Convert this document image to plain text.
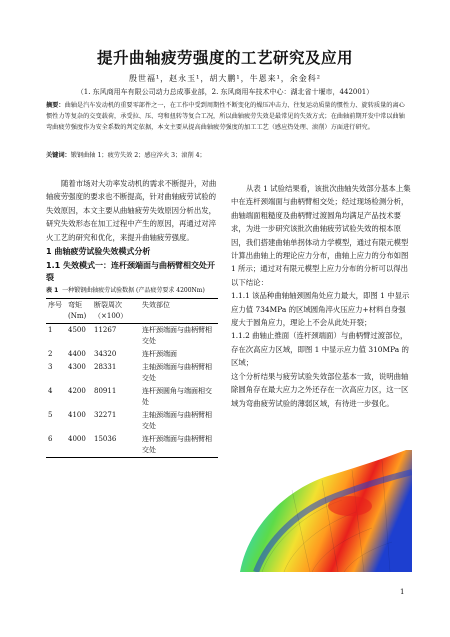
提升曲轴疲劳强度的工艺研究及应用
殷世福¹，赵永玉¹，胡大鹏¹，牛恩来¹，余金科²
（1. 东风商用车有限公司动力总成事业部，2. 东风商用车技术中心：湖北省十堰市，442001）
摘要：曲轴是汽车发动机的重要零部件之一，在工作中受到周期性不断变化的燥压冲击力、往复运动质量的惯性力、旋转质量的离心惯性力等复杂的交变载荷，承受拉、压、弯和扭转等复合工况，所以曲轴疲劳失效是最常见的失效方式；在曲轴前期开发中常以曲轴弯曲疲劳强度作为安全系数的判定依据，本文主要从提高曲轴疲劳强度的加工工艺（感应热处理、滚削）方面进行研究。
关键词：锻钢曲轴 1；疲劳失效 2；感应淬火 3；滚削 4；

随着市场对大功率发动机的需求不断提升，对曲轴疲劳强度的要求也不断提高，针对曲轴疲劳试验的失效原因，本文主要从曲轴疲劳失效原因分析出发，研究失效形态在加工过程中产生的原因，再通过对淬火工艺的研究和优化，来提升曲轴疲劳强度。

1 曲轴疲劳试验失效模式分析

1.1 失效模式一：连杆颈端面与曲柄臂相交处开裂

表 1 一种锻钢曲轴疲劳试验数据 (产品疲劳要求 4200Nm)

序号	弯矩(Nm)	断裂周次（×100）	失效部位
1	4500	11267	连杆颈端面与曲柄臂相交处
2	4400	34320	连杆颈端面
3	4300	28331	主轴颈端面与曲柄臂相交处
4	4200	80911	连杆颈圆角与端面相交处
5	4100	32271	主轴颈端面与曲柄臂相交处
6	4000	15036	连杆颈端面与曲柄臂相交处

从表 1 试验结果看，该批次曲轴失效部分基本上集中在连杆颈端面与曲柄臂相交处；经过现场检测分析，曲轴端面粗糙度及曲柄臂过渡圆角均满足产品技术要求，为进一步研究该批次曲轴疲劳试验失效的根本原因，我们搭建曲轴单拐体动力学模型，通过有限元模型计算出曲轴上的理论应力分布，曲轴上应力的分布如图 1 所示；通过对有限元模型上应力分布的分析可以得出以下结论：

1.1.1 该品种曲轴轴颈圆角处应力最大，即图 1 中显示应力值 734MPa 的区域圆角淬火压应力+材料自身强度大于圆角应力，理论上不会从此处开裂；

1.1.2 曲轴止推面（连杆颈端面）与曲柄臂过渡部位，存在次高应力区域，即图 1 中显示应力值 310MPa 的区域；

这个分析结果与疲劳试验失效部位基本一致，说明曲轴除圆角存在最大应力之外还存在一次高应力区，这一区域为弯曲疲劳试验的薄弱区域，有待进一步强化。

1
